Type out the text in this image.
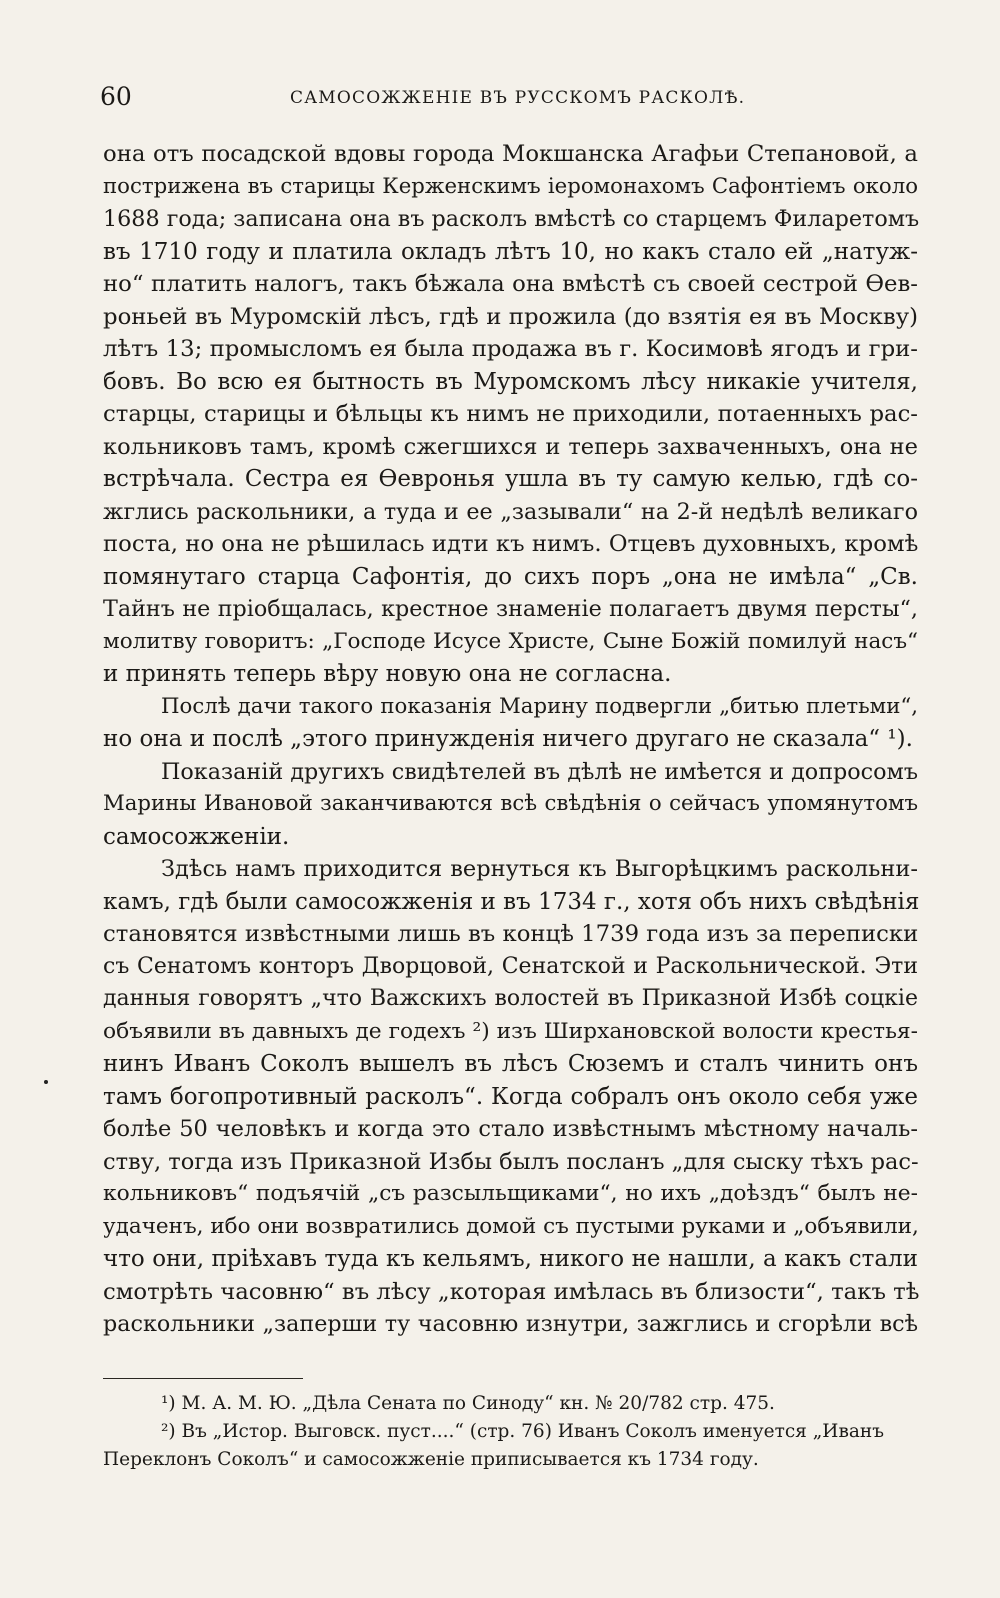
60	САМОСОЖЖЕНІЕ ВЪ РУССКОМЪ РАСКОЛѢ.
она отъ посадской вдовы города Мокшанска Агафьи Степановой, а
пострижена въ старицы Керженскимъ іеромонахомъ Сафонтіемъ около
1688 года; записана она въ расколъ вмѣстѣ со старцемъ Филаретомъ
въ 1710 году и платила окладъ лѣтъ 10, но какъ стало ей „натуж-
но“ платить налогъ, такъ бѣжала она вмѣстѣ съ своей сестрой Ѳев-
роньей въ Муромскій лѣсъ, гдѣ и прожила (до взятія ея въ Москву)
лѣтъ 13; промысломъ ея была продажа въ г. Косимовѣ ягодъ и гри-
бовъ. Во всю ея бытность въ Муромскомъ лѣсу никакіе учителя,
старцы, старицы и бѣльцы къ нимъ не приходили, потаенныхъ рас-
кольниковъ тамъ, кромѣ сжегшихся и теперь захваченныхъ, она не
встрѣчала. Сестра ея Ѳевронья ушла въ ту самую келью, гдѣ со-
жглись раскольники, а туда и ее „зазывали“ на 2-й недѣлѣ великаго
поста, но она не рѣшилась идти къ нимъ. Отцевъ духовныхъ, кромѣ
помянутаго старца Сафонтія, до сихъ поръ „она не имѣла“ „Св.
Тайнъ не пріобщалась, крестное знаменіе полагаетъ двумя персты“,
молитву говоритъ: „Господе Исусе Христе, Сыне Божій помилуй насъ“
и принять теперь вѣру новую она не согласна.
Послѣ дачи такого показанія Марину подвергли „битью плетьми“,
но она и послѣ „этого принужденія ничего другаго не сказала“ ¹).
Показаній другихъ свидѣтелей въ дѣлѣ не имѣется и допросомъ
Марины Ивановой заканчиваются всѣ свѣдѣнія о сейчасъ упомянутомъ
самосожженіи.
Здѣсь намъ приходится вернуться къ Выгорѣцкимъ раскольни-
камъ, гдѣ были самосожженія и въ 1734 г., хотя объ нихъ свѣдѣнія
становятся извѣстными лишь въ концѣ 1739 года изъ за переписки
съ Сенатомъ конторъ Дворцовой, Сенатской и Раскольнической. Эти
данныя говорятъ „что Важскихъ волостей въ Приказной Избѣ соцкіе
объявили въ давныхъ де годехъ ²) изъ Ширхановской волости крестья-
нинъ Иванъ Соколъ вышелъ въ лѣсъ Сюземъ и сталъ чинить онъ
тамъ богопротивный расколъ“. Когда собралъ онъ около себя уже
болѣе 50 человѣкъ и когда это стало извѣстнымъ мѣстному началь-
ству, тогда изъ Приказной Избы былъ посланъ „для сыску тѣхъ рас-
кольниковъ“ подъячій „съ разсыльщиками“, но ихъ „доѣздъ“ былъ не-
удаченъ, ибо они возвратились домой съ пустыми руками и „объявили,
что они, пріѣхавъ туда къ кельямъ, никого не нашли, а какъ стали
смотрѣть часовню“ въ лѣсу „которая имѣлась въ близости“, такъ тѣ
раскольники „заперши ту часовню изнутри, зажглись и сгорѣли всѣ
¹) М. А. М. Ю. „Дѣла Сената по Синоду“ кн. № 20/782 стр. 475.
²) Въ „Истор. Выговск. пуст....“ (стр. 76) Иванъ Соколъ именуется „Иванъ
Переклонъ Соколъ“ и самосожженіе приписывается къ 1734 году.
